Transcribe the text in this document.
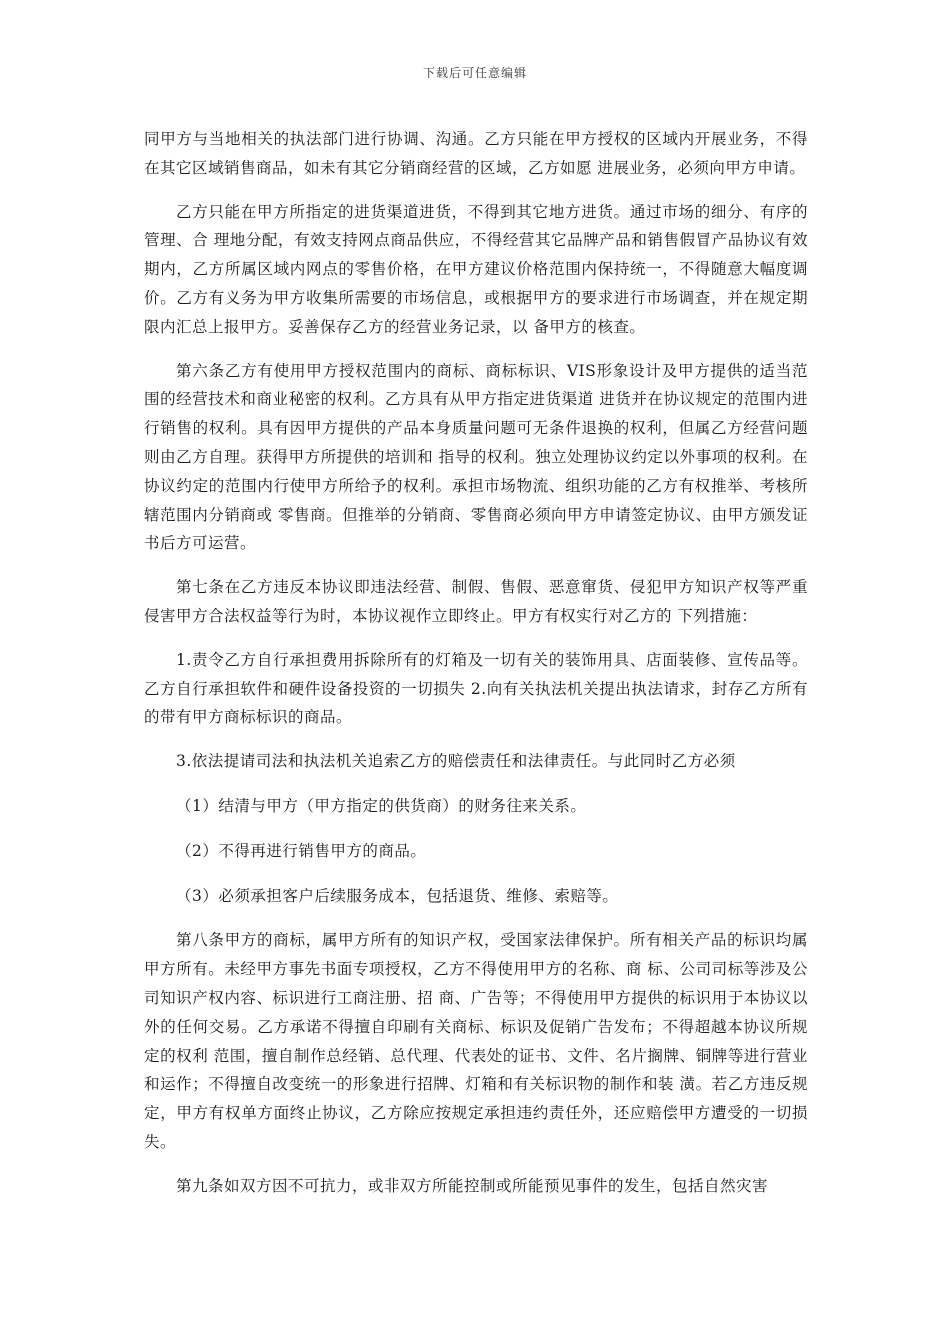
下载后可任意编辑

同甲方与当地相关的执法部门进行协调、沟通。乙方只能在甲方授权的区域内开展业务，不得在其它区域销售商品，如未有其它分销商经营的区域，乙方如愿 进展业务，必须向甲方申请。

乙方只能在甲方所指定的进货渠道进货，不得到其它地方进货。通过市场的细分、有序的管理、合 理地分配，有效支持网点商品供应，不得经营其它品牌产品和销售假冒产品协议有效期内，乙方所属区域内网点的零售价格，在甲方建议价格范围内保持统一，不得随意大幅度调价。乙方有义务为甲方收集所需要的市场信息，或根据甲方的要求进行市场调查，并在规定期限内汇总上报甲方。妥善保存乙方的经营业务记录，以 备甲方的核查。

第六条乙方有使用甲方授权范围内的商标、商标标识、VIS形象设计及甲方提供的适当范围的经营技术和商业秘密的权利。乙方具有从甲方指定进货渠道 进货并在协议规定的范围内进行销售的权利。具有因甲方提供的产品本身质量问题可无条件退换的权利，但属乙方经营问题则由乙方自理。获得甲方所提供的培训和 指导的权利。独立处理协议约定以外事项的权利。在协议约定的范围内行使甲方所给予的权利。承担市场物流、组织功能的乙方有权推举、考核所辖范围内分销商或 零售商。但推举的分销商、零售商必须向甲方申请签定协议、由甲方颁发证书后方可运营。

第七条在乙方违反本协议即违法经营、制假、售假、恶意窜货、侵犯甲方知识产权等严重侵害甲方合法权益等行为时，本协议视作立即终止。甲方有权实行对乙方的 下列措施：

1.责令乙方自行承担费用拆除所有的灯箱及一切有关的装饰用具、店面装修、宣传品等。乙方自行承担软件和硬件设备投资的一切损失 2.向有关执法机关提出执法请求，封存乙方所有的带有甲方商标标识的商品。

3.依法提请司法和执法机关追索乙方的赔偿责任和法律责任。与此同时乙方必须

（1）结清与甲方（甲方指定的供货商）的财务往来关系。

（2）不得再进行销售甲方的商品。

（3）必须承担客户后续服务成本，包括退货、维修、索赔等。

第八条甲方的商标，属甲方所有的知识产权，受国家法律保护。所有相关产品的标识均属甲方所有。未经甲方事先书面专项授权，乙方不得使用甲方的名称、商 标、公司司标等涉及公司知识产权内容、标识进行工商注册、招 商、广告等；不得使用甲方提供的标识用于本协议以外的任何交易。乙方承诺不得擅自印刷有关商标、标识及促销广告发布；不得超越本协议所规定的权利 范围，擅自制作总经销、总代理、代表处的证书、文件、名片搁牌、铜牌等进行营业和运作；不得擅自改变统一的形象进行招牌、灯箱和有关标识物的制作和装 潢。若乙方违反规定，甲方有权单方面终止协议，乙方除应按规定承担违约责任外，还应赔偿甲方遭受的一切损失。

第九条如双方因不可抗力，或非双方所能控制或所能预见事件的发生，包括自然灾害
